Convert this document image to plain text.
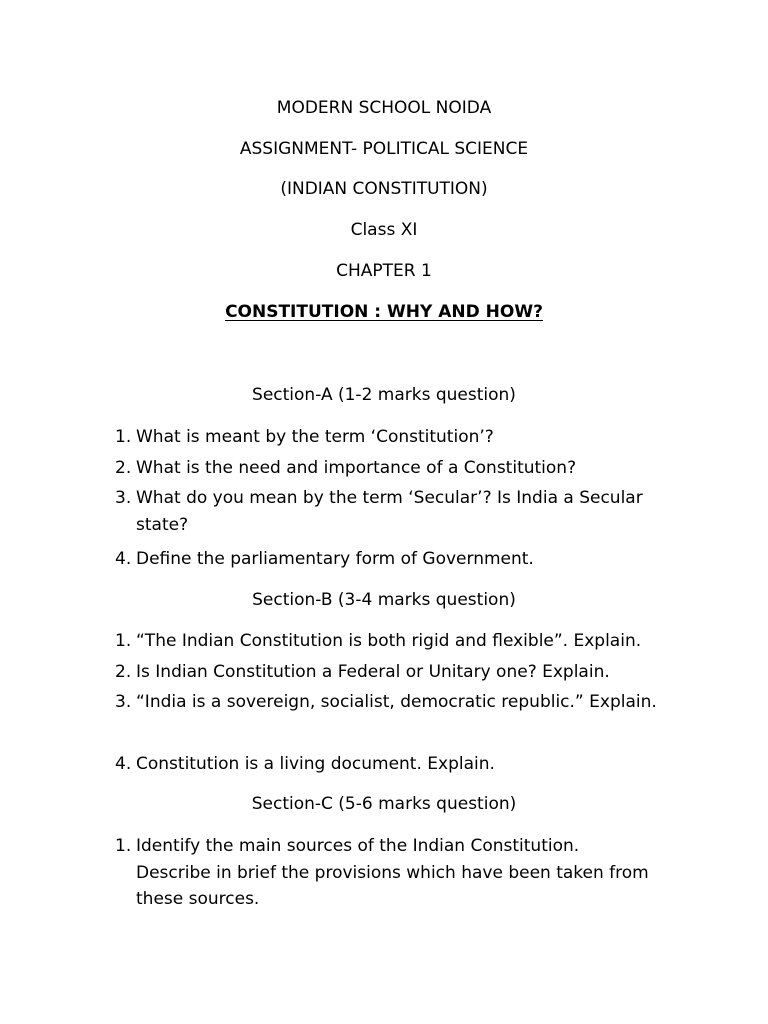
MODERN SCHOOL NOIDA
ASSIGNMENT- POLITICAL SCIENCE
(INDIAN CONSTITUTION)
Class XI
CHAPTER 1
CONSTITUTION : WHY AND HOW?
Section-A (1-2 marks question)
1. What is meant by the term ‘Constitution’?
2. What is the need and importance of a Constitution?
3. What do you mean by the term ‘Secular’? Is India a Secular state?
4. Define the parliamentary form of Government.
Section-B (3-4 marks question)
1. “The Indian Constitution is both rigid and flexible”. Explain.
2. Is Indian Constitution a Federal or Unitary one? Explain.
3. “India is a sovereign, socialist, democratic republic.” Explain.
4. Constitution is a living document. Explain.
Section-C (5-6 marks question)
1. Identify the main sources of the Indian Constitution. Describe in brief the provisions which have been taken from these sources.
